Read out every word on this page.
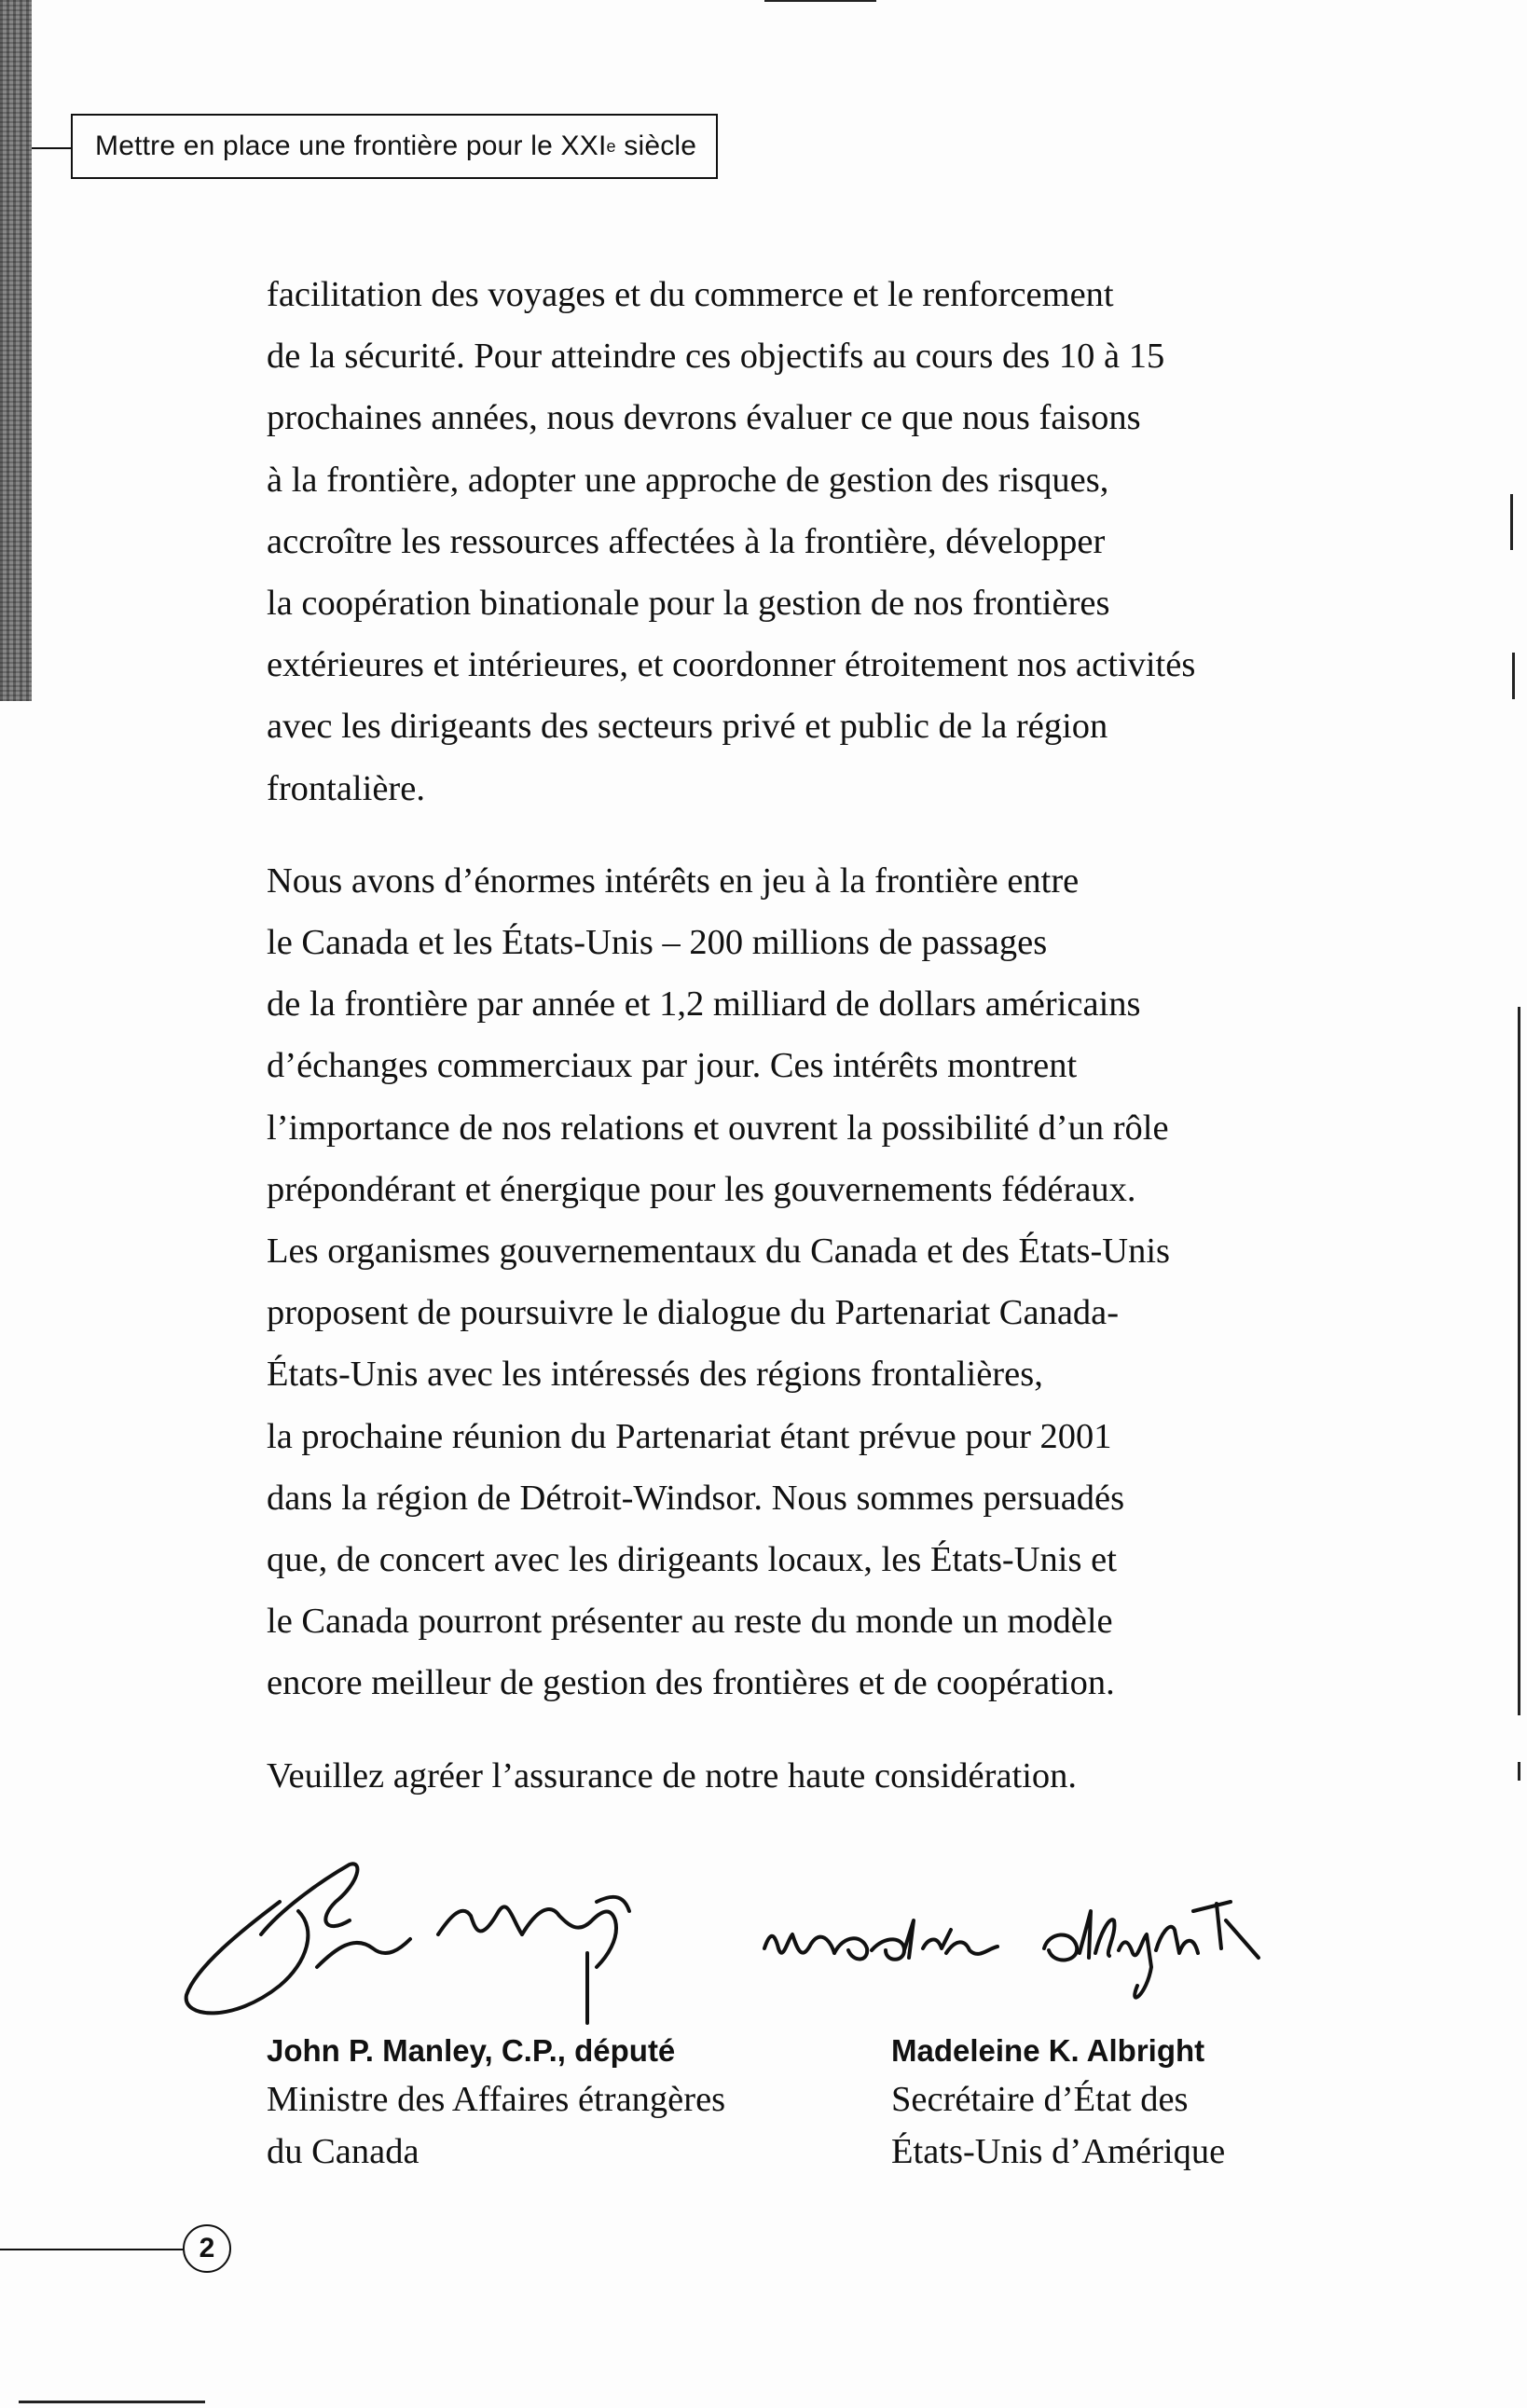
Mettre en place une frontière pour le XXI e siècle

facilitation des voyages et du commerce et le renforcement
de la sécurité. Pour atteindre ces objectifs au cours des 10 à 15
prochaines années, nous devrons évaluer ce que nous faisons
à la frontière, adopter une approche de gestion des risques,
accroître les ressources affectées à la frontière, développer
la coopération binationale pour la gestion de nos frontières
extérieures et intérieures, et coordonner étroitement nos activités
avec les dirigeants des secteurs privé et public de la région
frontalière.

Nous avons d’énormes intérêts en jeu à la frontière entre
le Canada et les États-Unis – 200 millions de passages
de la frontière par année et 1,2 milliard de dollars américains
d’échanges commerciaux par jour. Ces intérêts montrent
l’importance de nos relations et ouvrent la possibilité d’un rôle
prépondérant et énergique pour les gouvernements fédéraux.
Les organismes gouvernementaux du Canada et des États-Unis
proposent de poursuivre le dialogue du Partenariat Canada-
États-Unis avec les intéressés des régions frontalières,
la prochaine réunion du Partenariat étant prévue pour 2001
dans la région de Détroit-Windsor. Nous sommes persuadés
que, de concert avec les dirigeants locaux, les États-Unis et
le Canada pourront présenter au reste du monde un modèle
encore meilleur de gestion des frontières et de coopération.

Veuillez agréer l’assurance de notre haute considération.

John P. Manley, C.P., député
Ministre des Affaires étrangères
du Canada
Madeleine K. Albright
Secrétaire d’État des
États-Unis d’Amérique
2
